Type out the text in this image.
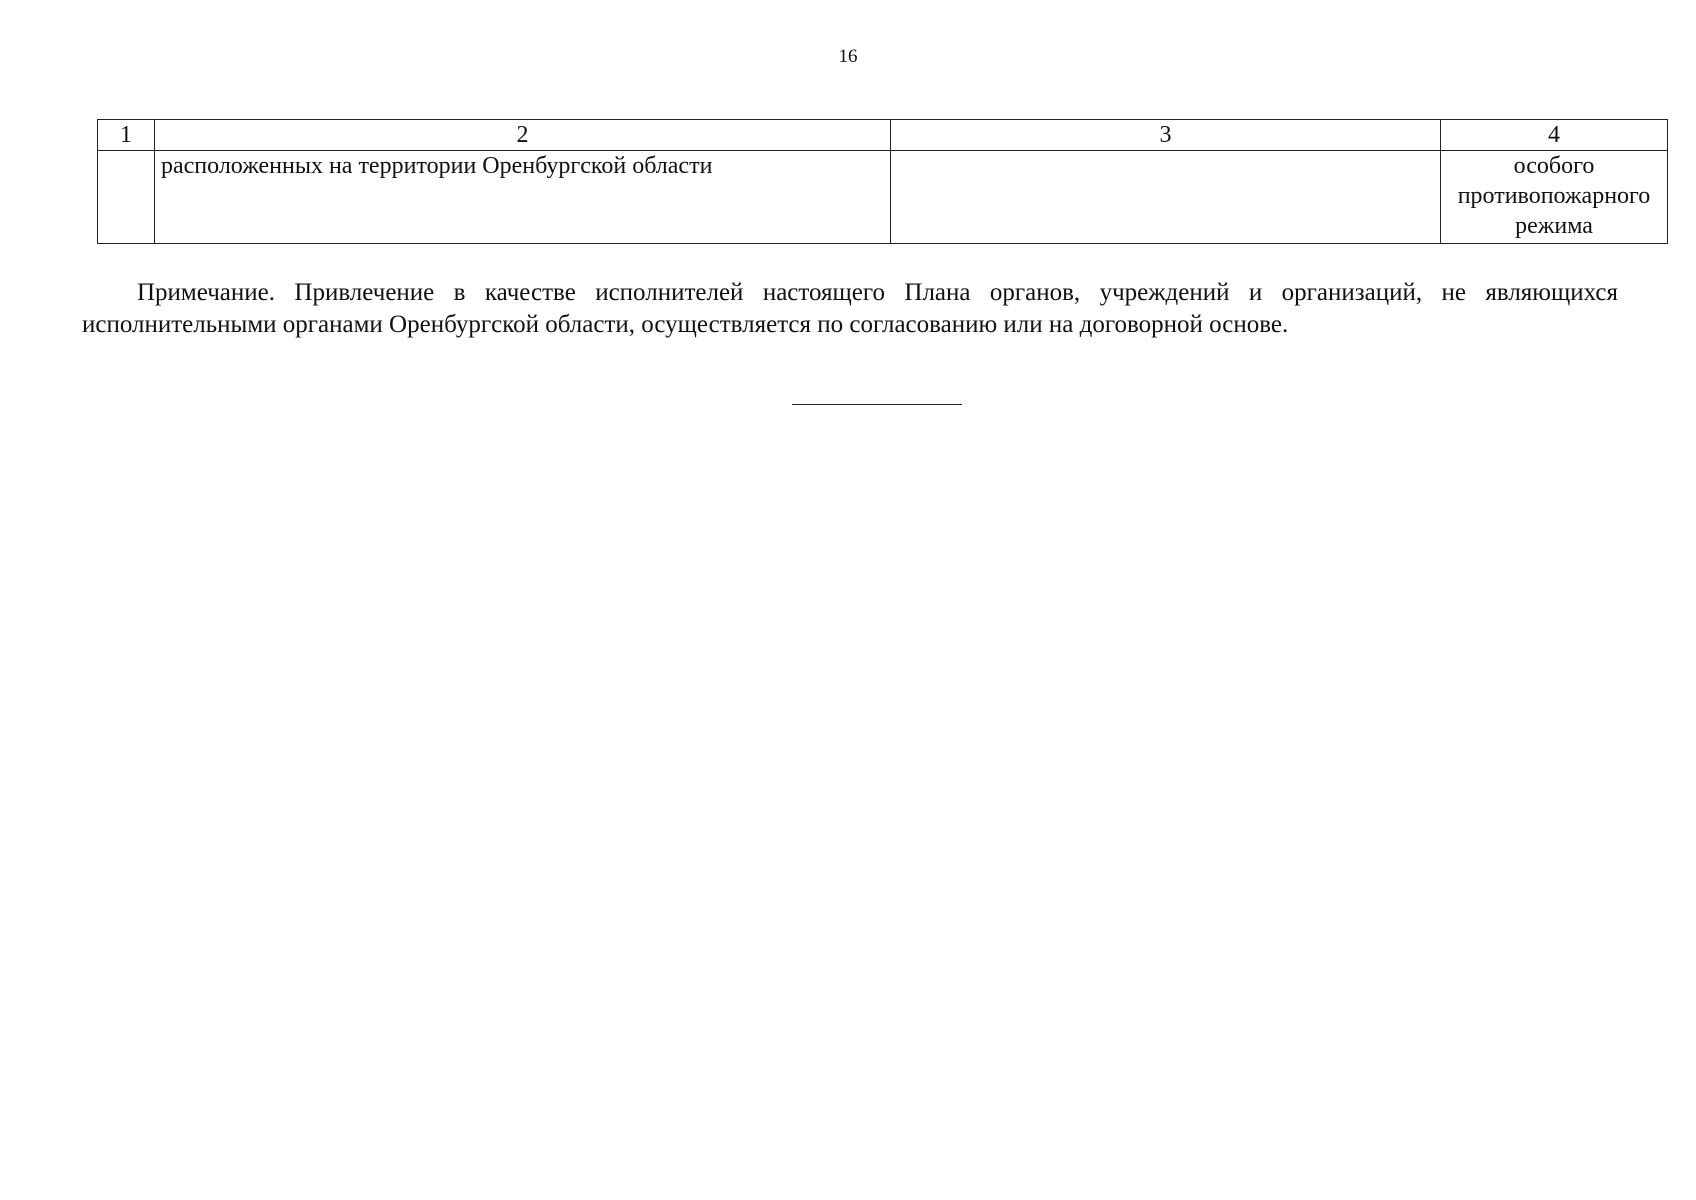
16
1	2	3	4
	расположенных на территории Оренбургской области		особого
противопожарного
режима

Примечание. Привлечение в качестве исполнителей настоящего Плана органов, учреждений и организаций, не являющихся исполнительными органами Оренбургской области, осуществляется по согласованию или на договорной основе.
